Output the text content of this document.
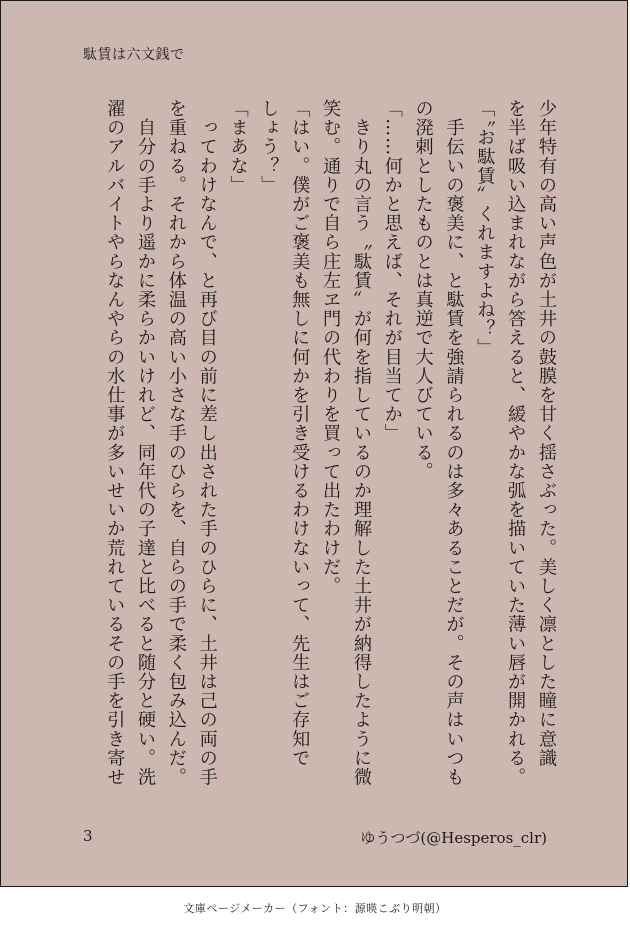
駄賃は六文銭で
少年特有の高い声色が土井の鼓膜を甘く揺さぶった。美しく凛とした瞳に意識
を半ば吸い込まれながら答えると、緩やかな弧を描いていた薄い唇が開かれる。
「〝お駄賃〟くれますよね？」
　手伝いの褒美に、と駄賃を強請られるのは多々あることだが。その声はいつも
の溌剌としたものとは真逆で大人びている。
「……何かと思えば、それが目当てか」
　きり丸の言う〝駄賃〟が何を指しているのか理解した土井が納得したように微
笑む。通りで自ら庄左ヱ門の代わりを買って出たわけだ。
「はい。僕がご褒美も無しに何かを引き受けるわけないって、先生はご存知で
しょう？」
「まあな」
　ってわけなんで、と再び目の前に差し出された手のひらに、土井は己の両の手
を重ねる。それから体温の高い小さな手のひらを、自らの手で柔く包み込んだ。
　自分の手より遥かに柔らかいけれど、同年代の子達と比べると随分と硬い。洗
濯のアルバイトやらなんやらの水仕事が多いせいか荒れているその手を引き寄せ
3	ゆうつづ(@Hesperos_clr)
文庫ページメーカー（フォント：源暎こぶり明朝）
